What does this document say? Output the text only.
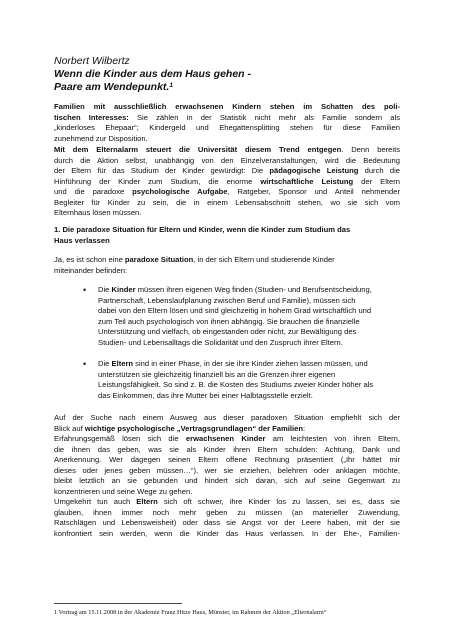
Norbert Wilbertz
Wenn die Kinder aus dem Haus gehen -
Paare am Wendepunkt.$^1$
Familien mit ausschließlich erwachsenen Kindern stehen im Schatten des poli-
tischen Interesses: Sie zählen in der Statistik nicht mehr als Familie sondern als
„kinderloses Ehepaar“; Kindergeld und Ehegattensplitting stehen für diese Familien
zunehmend zur Disposition.
Mit dem Elternalarm steuert die Universität diesem Trend entgegen. Denn bereits
durch die Aktion selbst, unabhängig von den Einzelveranstaltungen, wird die Bedeutung
der Eltern für das Studium der Kinder gewürdigt: Die pädagogische Leistung durch die
Hinführung der Kinder zum Studium, die enorme wirtschaftliche Leistung der Eltern
und die paradoxe psychologische Aufgabe, Ratgeber, Sponsor und Anteil nehmender
Begleiter für Kinder zu sein, die in einem Lebensabschnitt stehen, wo sie sich vom
Elternhaus lösen müssen.
1. Die paradoxe Situation für Eltern und Kinder, wenn die Kinder zum Studium das
Haus verlassen
Ja, es ist schon eine paradoxe Situation, in der sich Eltern und studierende Kinder
miteinander befinden:
• Die Kinder müssen ihren eigenen Weg finden (Studien- und Berufsentscheidung,
Partnerschaft, Lebenslaufplanung zwischen Beruf und Familie), müssen sich
dabei von den Eltern lösen und sind gleichzeitig in hohem Grad wirtschaftlich und
zum Teil auch psychologisch von ihnen abhängig. Sie brauchen die finanzielle
Unterstützung und vielfach, ob eingestanden oder nicht, zur Bewältigung des
Studien- und Lebensalltags die Solidarität und den Zuspruch ihrer Eltern.
• Die Eltern sind in einer Phase, in der sie ihre Kinder ziehen lassen müssen, und
unterstützen sie gleichzeitig finanziell bis an die Grenzen ihrer eigenen
Leistungsfähigkeit. So sind z. B. die Kosten des Studiums zweier Kinder höher als
das Einkommen, das ihre Mutter bei einer Halbtagsstelle erzielt.
Auf der Suche nach einem Ausweg aus dieser paradoxen Situation empfiehlt sich der
Blick auf wichtige psychologische „Vertragsgrundlagen“ der Familien:
Erfahrungsgemäß lösen sich die erwachsenen Kinder am leichtesten von ihren Eltern,
die ihnen das geben, was sie als Kinder ihren Eltern schulden: Achtung, Dank und
Anerkennung. Wer dagegen seinen Eltern offene Rechnung präsentiert („Ihr hättet mir
dieses oder jenes geben müssen…“), wer sie erziehen, belehren oder anklagen möchte,
bleibt letztlich an sie gebunden und hindert sich daran, sich auf seine Gegenwart zu
konzentrieren und seine Wege zu gehen.
Umgekehrt tun auch Eltern sich oft schwer, ihre Kinder los zu lassen, sei es, dass sie
glauben, ihnen immer noch mehr geben zu müssen (an materieller Zuwendung,
Ratschlägen und Lebensweisheit) oder dass sie Angst vor der Leere haben, mit der sie
konfrontiert sein werden, wenn die Kinder das Haus verlassen. In der Ehe-, Familien-
1 Vortrag am 15.11.2008 in der Akademie Franz Hitze Haus, Münster, im Rahmen der Aktion „Elternalarm“
